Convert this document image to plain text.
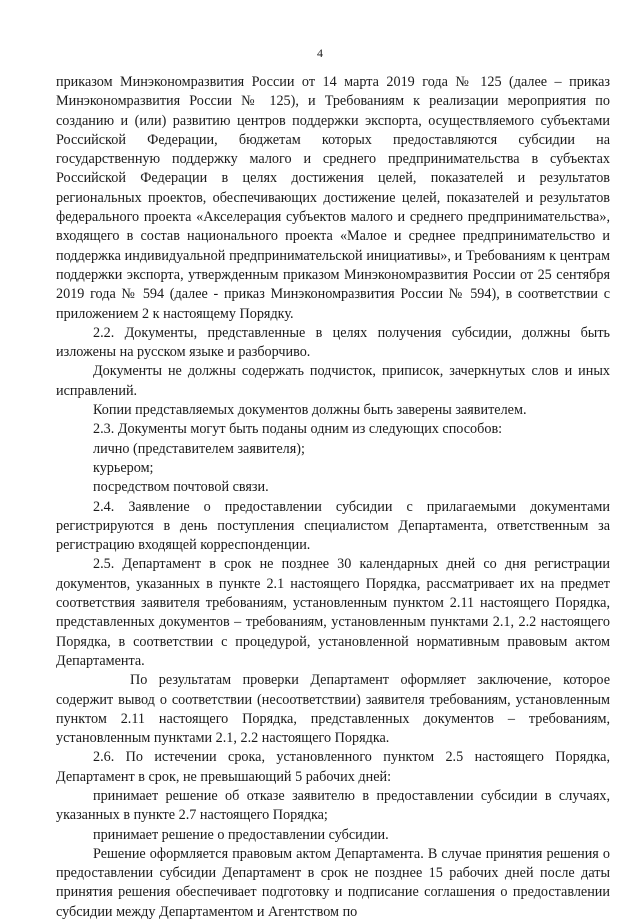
4

приказом Минэкономразвития России от 14 марта 2019 года № 125 (далее – приказ Минэкономразвития России № 125), и Требованиям к реализации мероприятия по созданию и (или) развитию центров поддержки экспорта, осуществляемого субъектами Российской Федерации, бюджетам которых предоставляются субсидии на государственную поддержку малого и среднего предпринимательства в субъектах Российской Федерации в целях достижения целей, показателей и результатов региональных проектов, обеспечивающих достижение целей, показателей и результатов федерального проекта «Акселерация субъектов малого и среднего предпринимательства», входящего в состав национального проекта «Малое и среднее предпринимательство и поддержка индивидуальной предпринимательской инициативы», и Требованиям к центрам поддержки экспорта, утвержденным приказом Минэкономразвития России от 25 сентября 2019 года № 594 (далее - приказ Минэкономразвития России № 594), в соответствии с приложением 2 к настоящему Порядку.

2.2. Документы, представленные в целях получения субсидии, должны быть изложены на русском языке и разборчиво.

Документы не должны содержать подчисток, приписок, зачеркнутых слов и иных исправлений.

Копии представляемых документов должны быть заверены заявителем.

2.3. Документы могут быть поданы одним из следующих способов:

лично (представителем заявителя);

курьером;

посредством почтовой связи.

2.4. Заявление о предоставлении субсидии с прилагаемыми документами регистрируются в день поступления специалистом Департамента, ответственным за регистрацию входящей корреспонденции.

2.5. Департамент в срок не позднее 30 календарных дней со дня регистрации документов, указанных в пункте 2.1 настоящего Порядка, рассматривает их на предмет соответствия заявителя требованиям, установленным пунктом 2.11 настоящего Порядка, представленных документов – требованиям, установленным пунктами 2.1, 2.2 настоящего Порядка, в соответствии с процедурой, установленной нормативным правовым актом Департамента.

По результатам проверки Департамент оформляет заключение, которое содержит вывод о соответствии (несоответствии) заявителя требованиям, установленным пунктом 2.11 настоящего Порядка, представленных документов – требованиям, установленным пунктами 2.1, 2.2 настоящего Порядка.

2.6. По истечении срока, установленного пунктом 2.5 настоящего Порядка, Департамент в срок, не превышающий 5 рабочих дней:

принимает решение об отказе заявителю в предоставлении субсидии в случаях, указанных в пункте 2.7 настоящего Порядка;

принимает решение о предоставлении субсидии.

Решение оформляется правовым актом Департамента. В случае принятия решения о предоставлении субсидии Департамент в срок не позднее 15 рабочих дней после даты принятия решения обеспечивает подготовку и подписание соглашения о предоставлении субсидии между Департаментом и Агентством по
